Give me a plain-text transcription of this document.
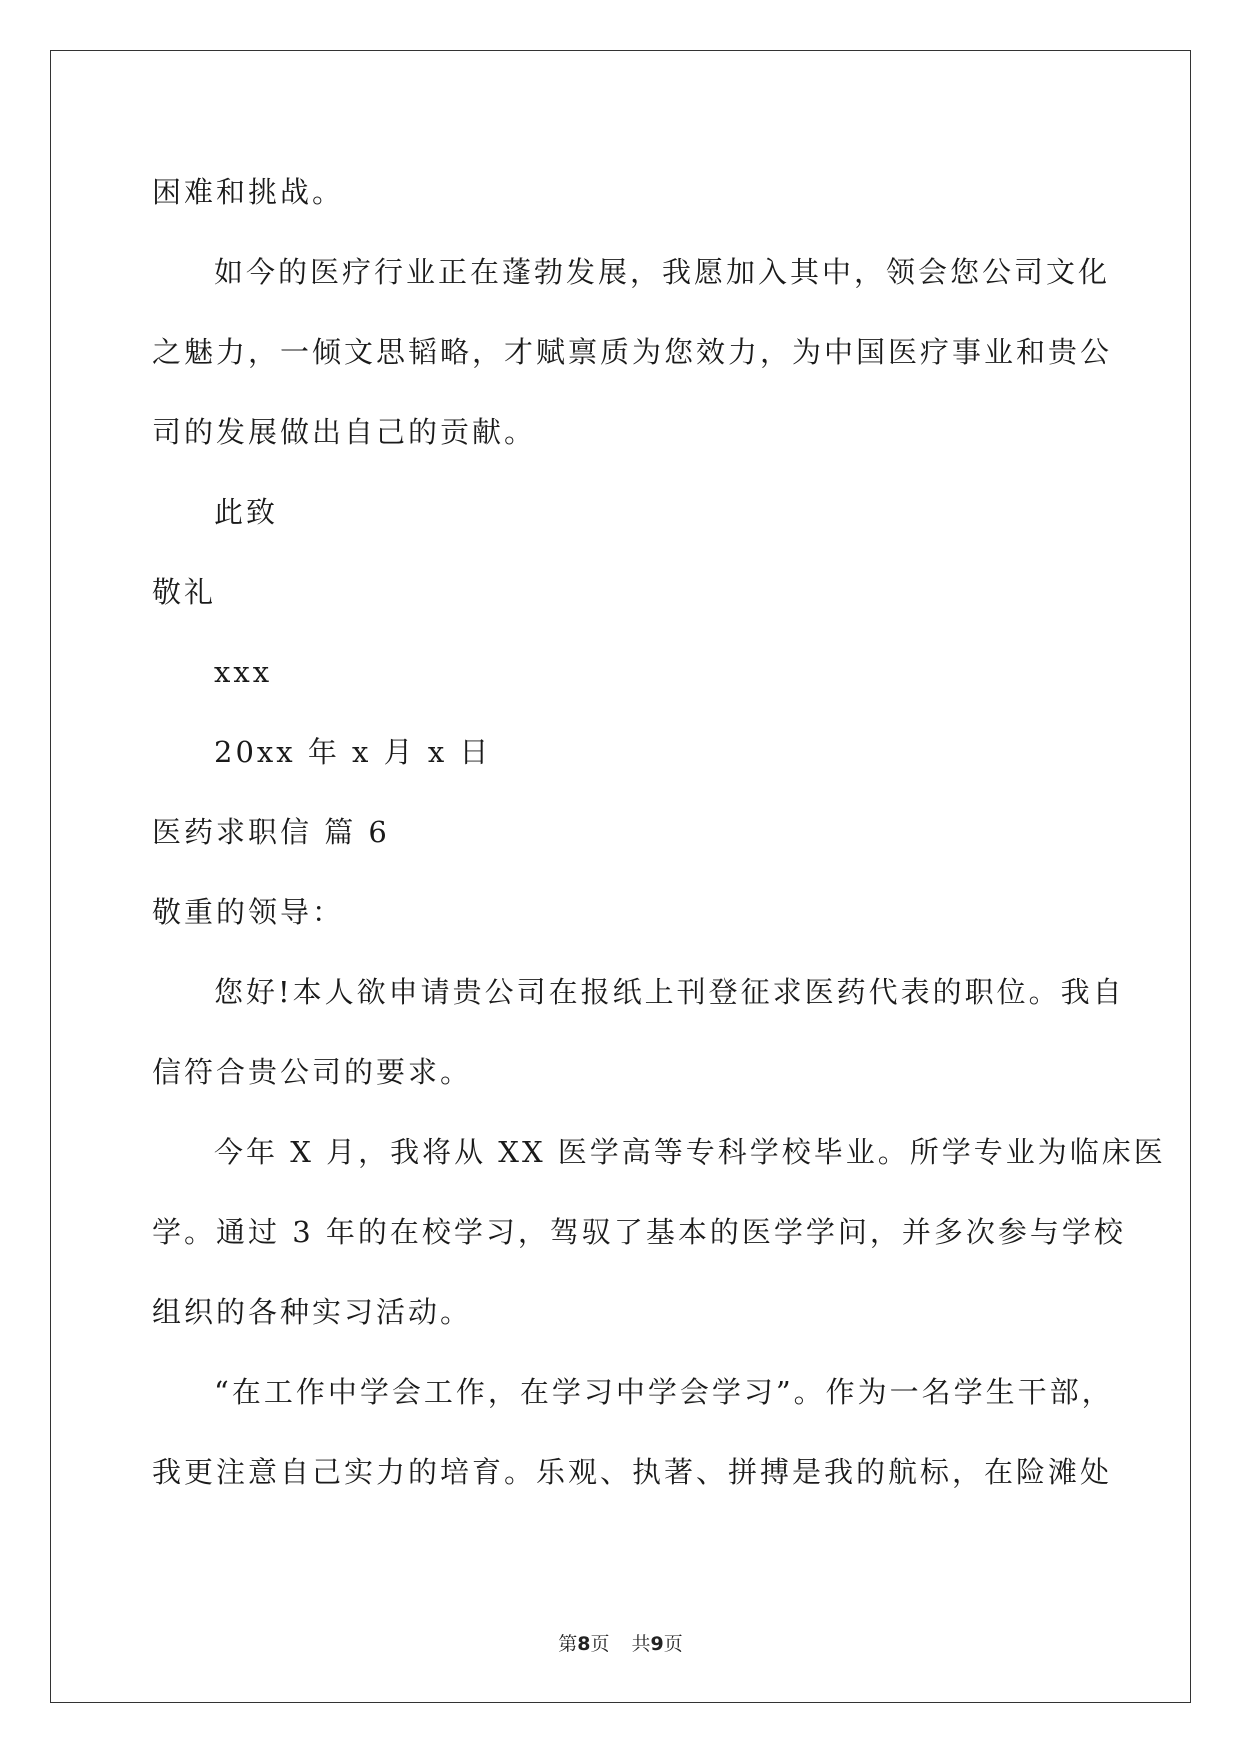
困难和挑战。
如今的医疗行业正在蓬勃发展，我愿加入其中，领会您公司文化
之魅力，一倾文思韬略，才赋禀质为您效力，为中国医疗事业和贵公
司的发展做出自己的贡献。
此致
敬礼
xxx
20xx 年 x 月 x 日
医药求职信 篇 6
敬重的领导：
您好!本人欲申请贵公司在报纸上刊登征求医药代表的职位。我自
信符合贵公司的要求。
今年 X 月，我将从 XX 医学高等专科学校毕业。所学专业为临床医
学。通过 3 年的在校学习，驾驭了基本的医学学问，并多次参与学校
组织的各种实习活动。
“在工作中学会工作，在学习中学会学习”。作为一名学生干部，
我更注意自己实力的培育。乐观、执著、拼搏是我的航标，在险滩处
第8页 共9页
